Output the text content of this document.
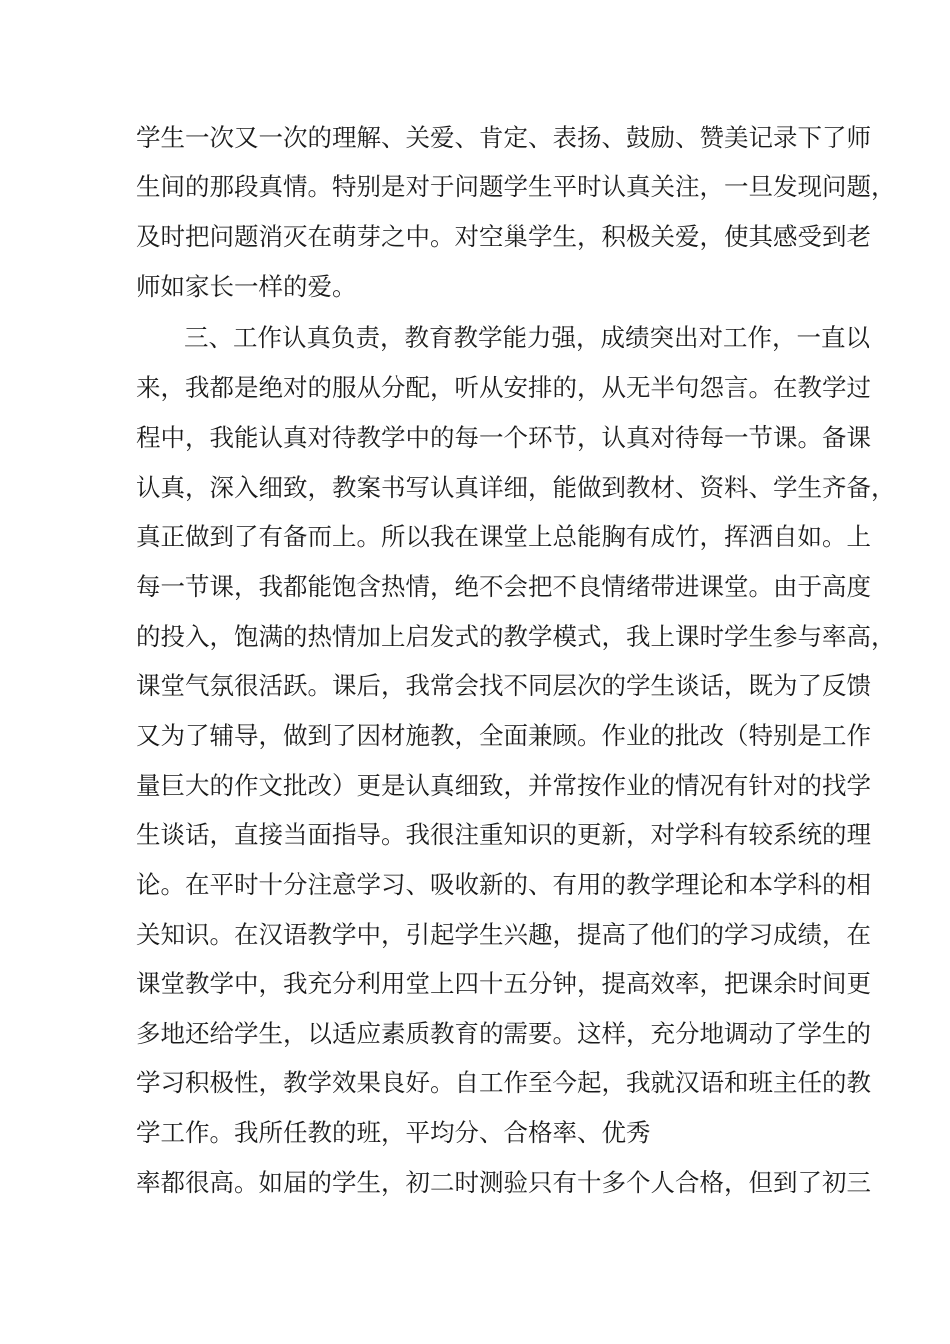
学生一次又一次的理解、关爱、肯定、表扬、鼓励、赞美记录下了师

生间的那段真情。特别是对于问题学生平时认真关注，一旦发现问题，

及时把问题消灭在萌芽之中。对空巢学生，积极关爱，使其感受到老

师如家长一样的爱。

三、工作认真负责，教育教学能力强，成绩突出对工作，一直以

来，我都是绝对的服从分配，听从安排的，从无半句怨言。在教学过

程中，我能认真对待教学中的每一个环节，认真对待每一节课。备课

认真，深入细致，教案书写认真详细，能做到教材、资料、学生齐备，

真正做到了有备而上。所以我在课堂上总能胸有成竹，挥洒自如。上

每一节课，我都能饱含热情，绝不会把不良情绪带进课堂。由于高度

的投入，饱满的热情加上启发式的教学模式，我上课时学生参与率高，

课堂气氛很活跃。课后，我常会找不同层次的学生谈话，既为了反馈

又为了辅导，做到了因材施教，全面兼顾。作业的批改（特别是工作

量巨大的作文批改）更是认真细致，并常按作业的情况有针对的找学

生谈话，直接当面指导。我很注重知识的更新，对学科有较系统的理

论。在平时十分注意学习、吸收新的、有用的教学理论和本学科的相

关知识。在汉语教学中，引起学生兴趣，提高了他们的学习成绩，在

课堂教学中，我充分利用堂上四十五分钟，提高效率，把课余时间更

多地还给学生，以适应素质教育的需要。这样，充分地调动了学生的

学习积极性，教学效果良好。自工作至今起，我就汉语和班主任的教

学工作。我所任教的班，平均分、合格率、优秀

率都很高。如届的学生，初二时测验只有十多个人合格，但到了初三
